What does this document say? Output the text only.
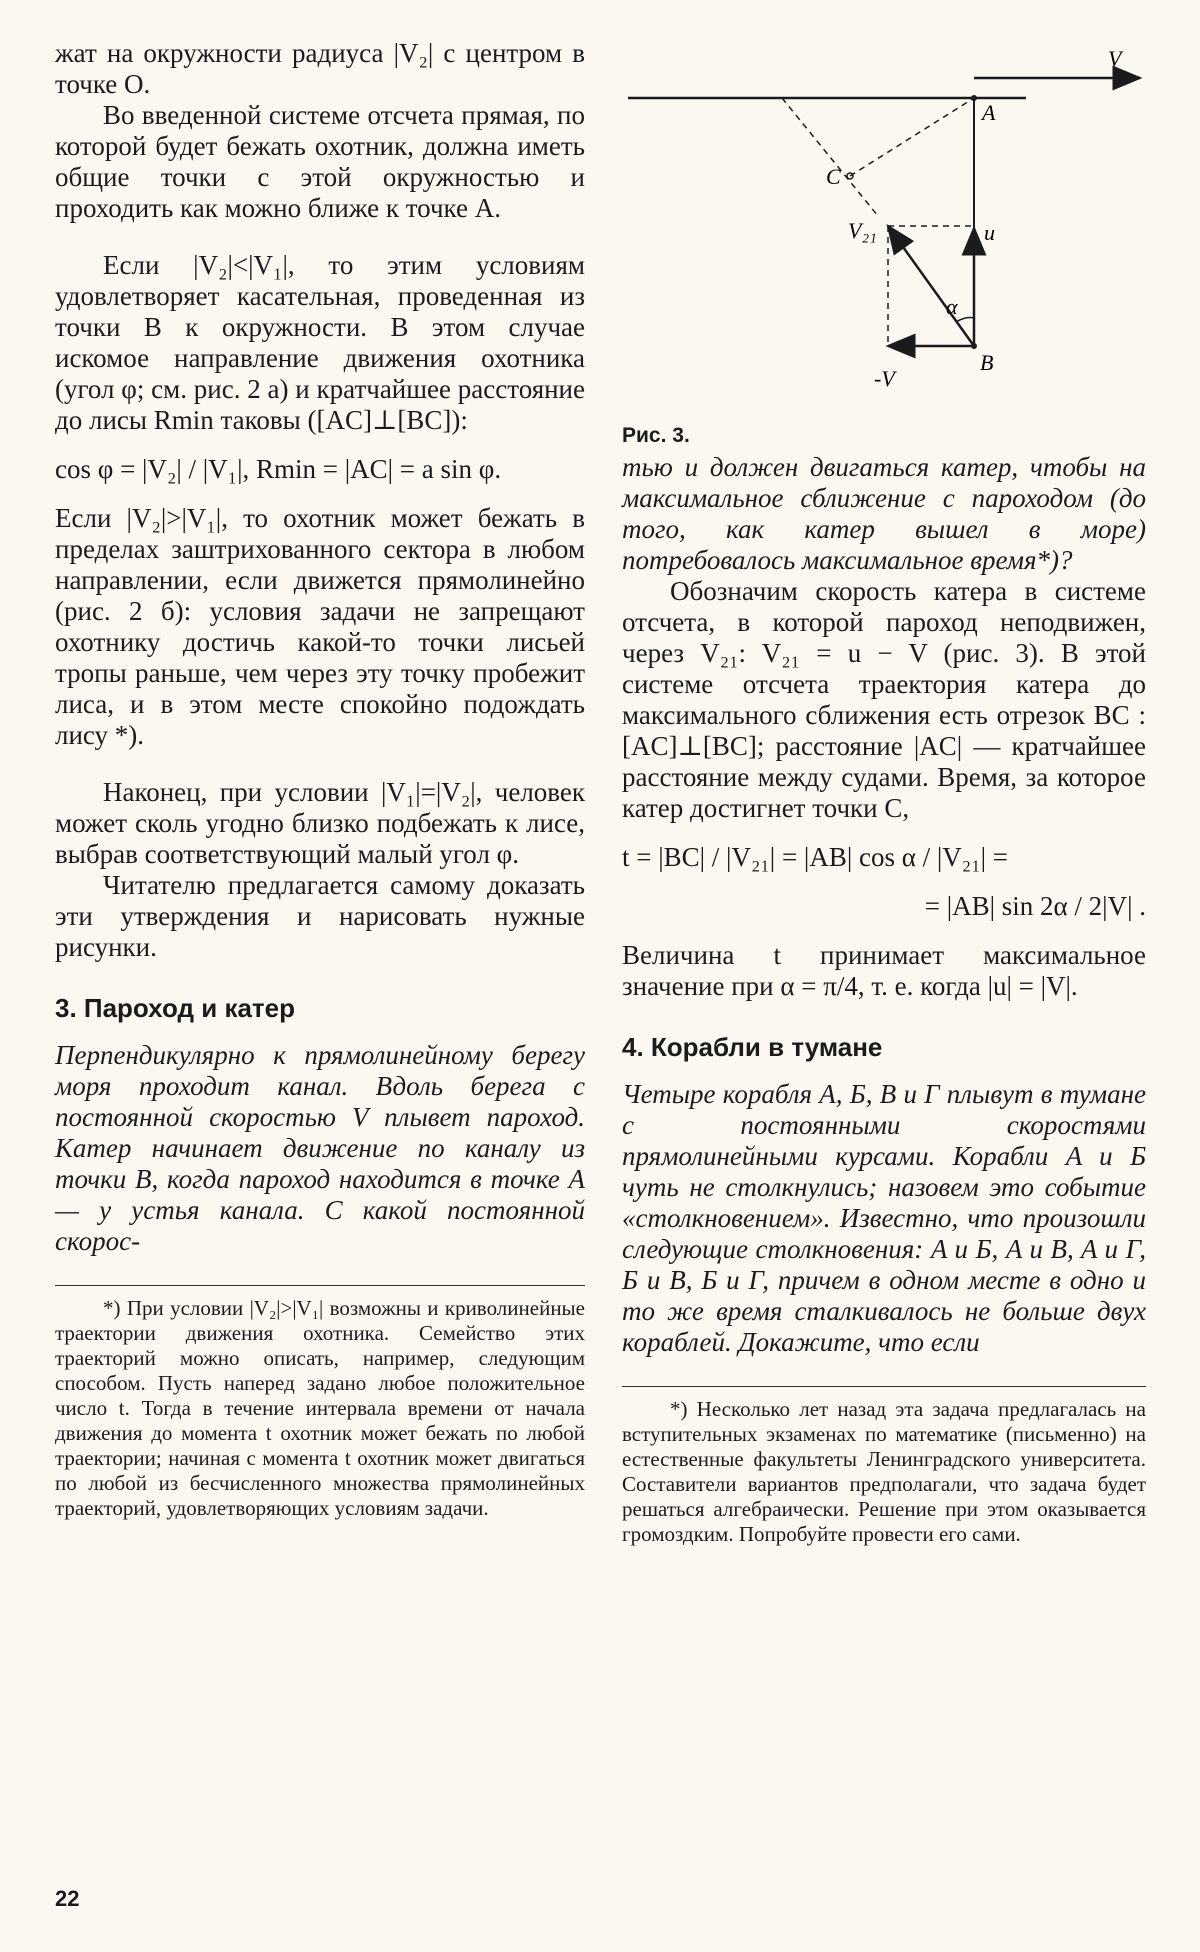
жат на окружности радиуса |V₂| с центром в точке O.

Во введенной системе отсчета прямая, по которой будет бежать охотник, должна иметь общие точки с этой окружностью и проходить как можно ближе к точке A.

Если |V₂|<|V₁|, то этим условиям удовлетворяет касательная, проведенная из точки B к окружности. В этом случае искомое направление движения охотника (угол φ; см. рис. 2 а) и кратчайшее расстояние до лисы Rmin таковы ([AC]⊥[BC]):

cos φ = |V₂| / |V₁|, Rmin = |AC| = a sin φ.

Если |V₂|>|V₁|, то охотник может бежать в пределах заштрихованного сектора в любом направлении, если движется прямолинейно (рис. 2 б): условия задачи не запрещают охотнику достичь какой-то точки лисьей тропы раньше, чем через эту точку пробежит лиса, и в этом месте спокойно подождать лису *).

Наконец, при условии |V₁|=|V₂|, человек может сколь угодно близко подбежать к лисе, выбрав соответствующий малый угол φ.

Читателю предлагается самому доказать эти утверждения и нарисовать нужные рисунки.

3. Пароход и катер

Перпендикулярно к прямолинейному берегу моря проходит канал. Вдоль берега с постоянной скоростью V плывет пароход. Катер начинает движение по каналу из точки B, когда пароход находится в точке A — у устья канала. С какой постоянной скорос-

*) При условии |V₂|>|V₁| возможны и криволинейные траектории движения охотника. Семейство этих траекторий можно описать, например, следующим способом. Пусть наперед задано любое положительное число t. Тогда в течение интервала времени от начала движения до момента t охотник может бежать по любой траектории; начиная с момента t охотник может двигаться по любой из бесчисленного множества прямолинейных траекторий, удовлетворяющих условиям задачи.

V
A
C
B
u
V₂₁
α
-V
Рис. 3.

тью u должен двигаться катер, чтобы на максимальное сближение с пароходом (до того, как катер вышел в море) потребовалось максимальное время*)?

Обозначим скорость катера в системе отсчета, в которой пароход неподвижен, через V₂₁: V₂₁ = u − V (рис. 3). В этой системе отсчета траектория катера до максимального сближения есть отрезок BC : [AC]⊥[BC]; расстояние |AC| — кратчайшее расстояние между судами. Время, за которое катер достигнет точки C,

t = |BC| / |V₂₁| = |AB| cos α / |V₂₁| =

= |AB| sin 2α / 2|V| .

Величина t принимает максимальное значение при α = π/4, т. е. когда |u| = |V|.

4. Корабли в тумане

Четыре корабля A, Б, B и Г плывут в тумане с постоянными скоростями прямолинейными курсами. Корабли A и Б чуть не столкнулись; назовем это событие «столкновением». Известно, что произошли следующие столкновения: A и Б, A и B, A и Г, Б и B, Б и Г, причем в одном месте в одно и то же время сталкивалось не больше двух кораблей. Докажите, что если

*) Несколько лет назад эта задача предлагалась на вступительных экзаменах по математике (письменно) на естественные факультеты Ленинградского университета. Составители вариантов предполагали, что задача будет решаться алгебраически. Решение при этом оказывается громоздким. Попробуйте провести его сами.

22
